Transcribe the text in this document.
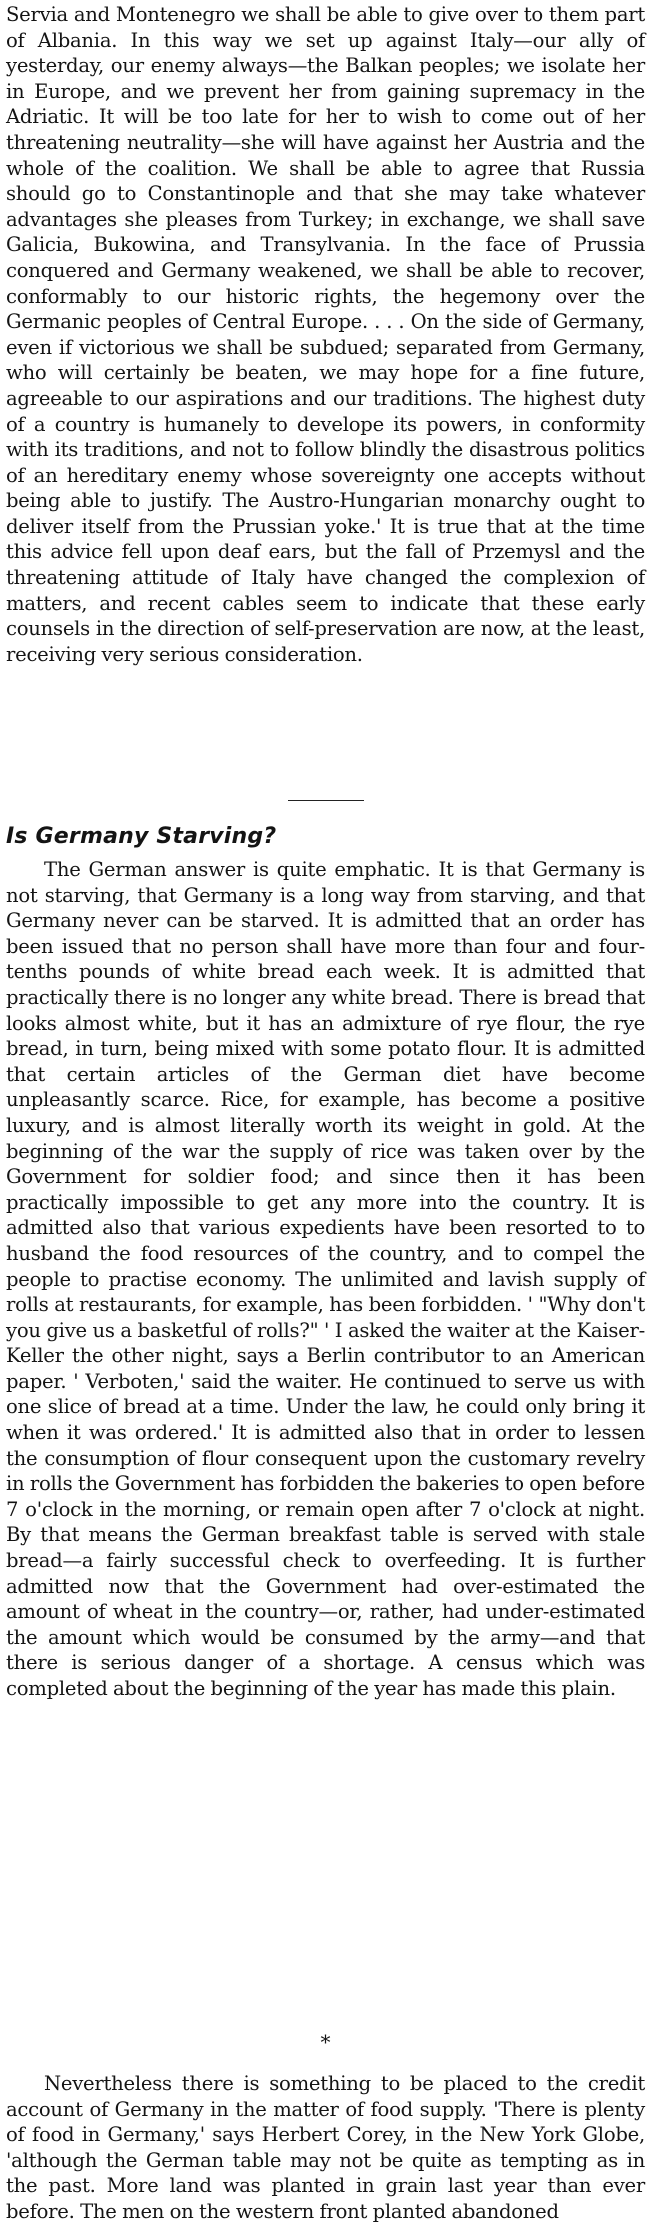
Servia and Montenegro we shall be able to give over to them part of Albania. In this way we set up against Italy—our ally of yesterday, our enemy always—the Balkan peoples; we isolate her in Europe, and we prevent her from gaining supremacy in the Adriatic. It will be too late for her to wish to come out of her threatening neutrality—she will have against her Austria and the whole of the coalition. We shall be able to agree that Russia should go to Constantinople and that she may take whatever advantages she pleases from Turkey; in exchange, we shall save Galicia, Bukowina, and Transylvania. In the face of Prussia conquered and Germany weakened, we shall be able to recover, conformably to our historic rights, the hegemony over the Germanic peoples of Central Europe. . . . On the side of Germany, even if victorious we shall be subdued; separated from Germany, who will certainly be beaten, we may hope for a fine future, agreeable to our aspirations and our traditions. The highest duty of a country is humanely to develope its powers, in conformity with its traditions, and not to follow blindly the disastrous politics of an hereditary enemy whose sovereignty one accepts without being able to justify. The Austro-Hungarian monarchy ought to deliver itself from the Prussian yoke.' It is true that at the time this advice fell upon deaf ears, but the fall of Przemysl and the threatening attitude of Italy have changed the complexion of matters, and recent cables seem to indicate that these early counsels in the direction of self-preservation are now, at the least, receiving very serious consideration.

Is Germany Starving?

The German answer is quite emphatic. It is that Germany is not starving, that Germany is a long way from starving, and that Germany never can be starved. It is admitted that an order has been issued that no person shall have more than four and four-tenths pounds of white bread each week. It is admitted that practically there is no longer any white bread. There is bread that looks almost white, but it has an admixture of rye flour, the rye bread, in turn, being mixed with some potato flour. It is admitted that certain articles of the German diet have become unpleasantly scarce. Rice, for example, has become a positive luxury, and is almost literally worth its weight in gold. At the beginning of the war the supply of rice was taken over by the Government for soldier food; and since then it has been practically impossible to get any more into the country. It is admitted also that various expedients have been resorted to to husband the food resources of the country, and to compel the people to practise economy. The unlimited and lavish supply of rolls at restaurants, for example, has been forbidden. ' "Why don't you give us a basketful of rolls?" ' I asked the waiter at the Kaiser-Keller the other night, says a Berlin contributor to an American paper. ' Verboten,' said the waiter. He continued to serve us with one slice of bread at a time. Under the law, he could only bring it when it was ordered.' It is admitted also that in order to lessen the consumption of flour consequent upon the customary revelry in rolls the Government has forbidden the bakeries to open before 7 o'clock in the morning, or remain open after 7 o'clock at night. By that means the German breakfast table is served with stale bread—a fairly successful check to overfeeding. It is further admitted now that the Government had over-estimated the amount of wheat in the country—or, rather, had under-estimated the amount which would be consumed by the army—and that there is serious danger of a shortage. A census which was completed about the beginning of the year has made this plain.

*

Nevertheless there is something to be placed to the credit account of Germany in the matter of food supply. 'There is plenty of food in Germany,' says Herbert Corey, in the New York Globe, 'although the German table may not be quite as tempting as in the past. More land was planted in grain last year than ever before. The men on the western front planted abandoned
